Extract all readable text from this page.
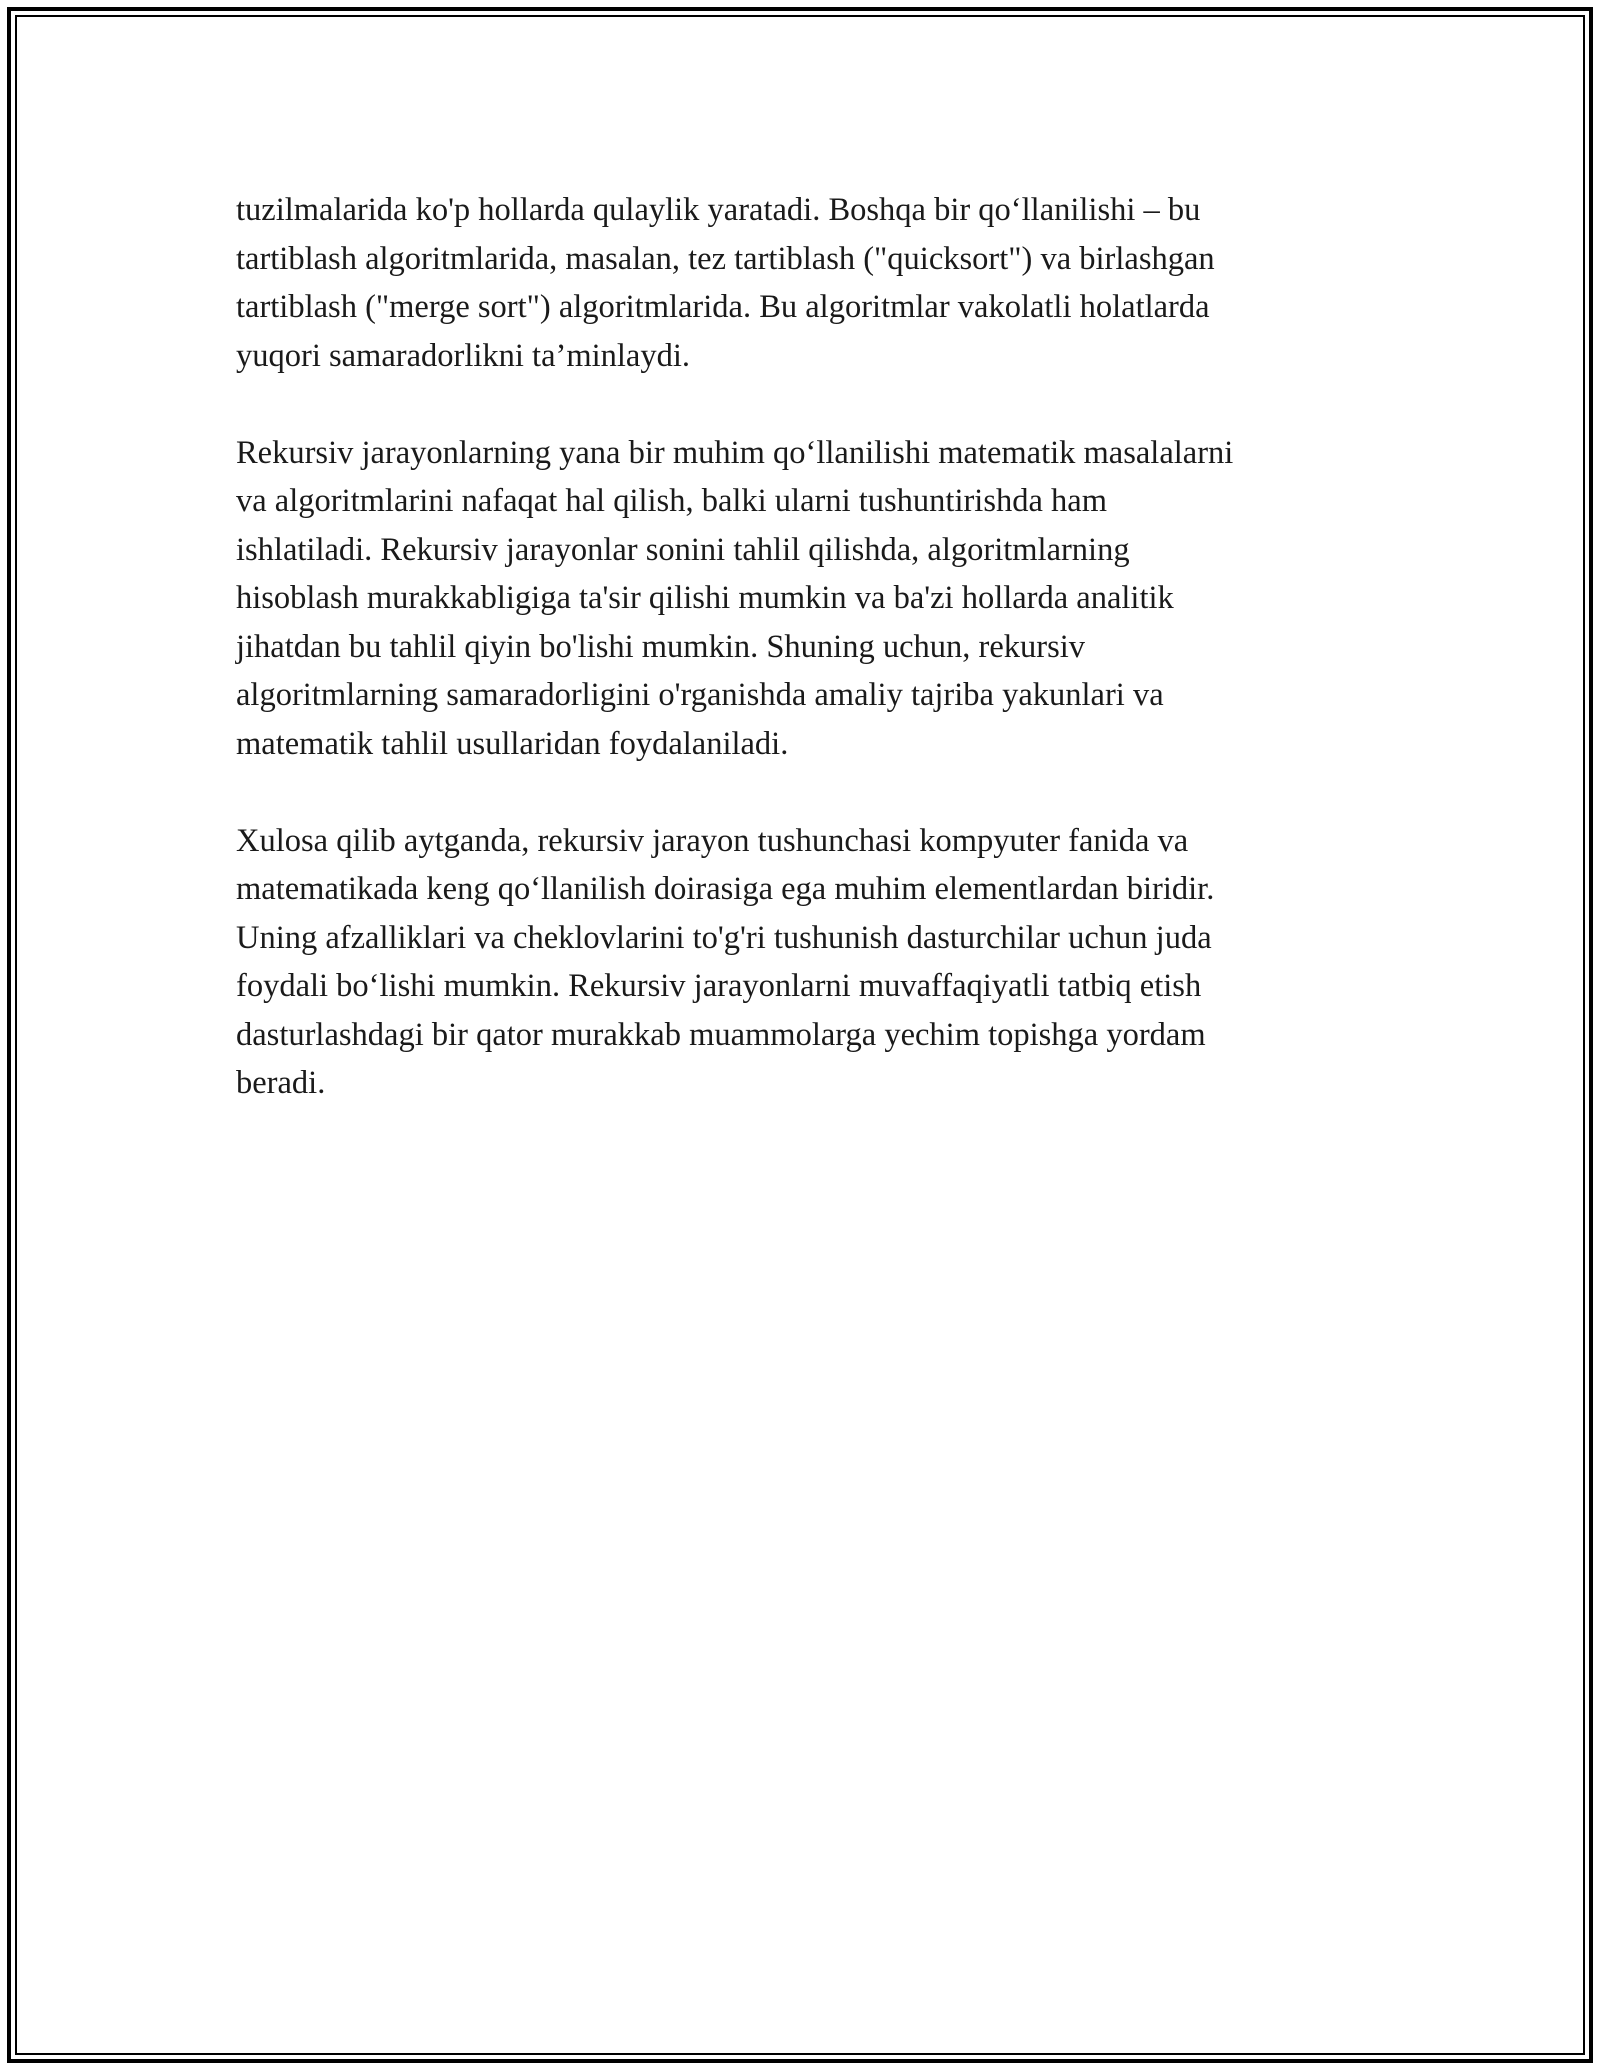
tuzilmalarida ko'p hollarda qulaylik yaratadi. Boshqa bir qo‘llanilishi – bu
tartiblash algoritmlarida, masalan, tez tartiblash ("quicksort") va birlashgan
tartiblash ("merge sort") algoritmlarida. Bu algoritmlar vakolatli holatlarda
yuqori samaradorlikni ta’minlaydi.

Rekursiv jarayonlarning yana bir muhim qo‘llanilishi matematik masalalarni
va algoritmlarini nafaqat hal qilish, balki ularni tushuntirishda ham
ishlatiladi. Rekursiv jarayonlar sonini tahlil qilishda, algoritmlarning
hisoblash murakkabligiga ta'sir qilishi mumkin va ba'zi hollarda analitik
jihatdan bu tahlil qiyin bo'lishi mumkin. Shuning uchun, rekursiv
algoritmlarning samaradorligini o'rganishda amaliy tajriba yakunlari va
matematik tahlil usullaridan foydalaniladi.

Xulosa qilib aytganda, rekursiv jarayon tushunchasi kompyuter fanida va
matematikada keng qo‘llanilish doirasiga ega muhim elementlardan biridir.
Uning afzalliklari va cheklovlarini to'g'ri tushunish dasturchilar uchun juda
foydali bo‘lishi mumkin. Rekursiv jarayonlarni muvaffaqiyatli tatbiq etish
dasturlashdagi bir qator murakkab muammolarga yechim topishga yordam
beradi.
